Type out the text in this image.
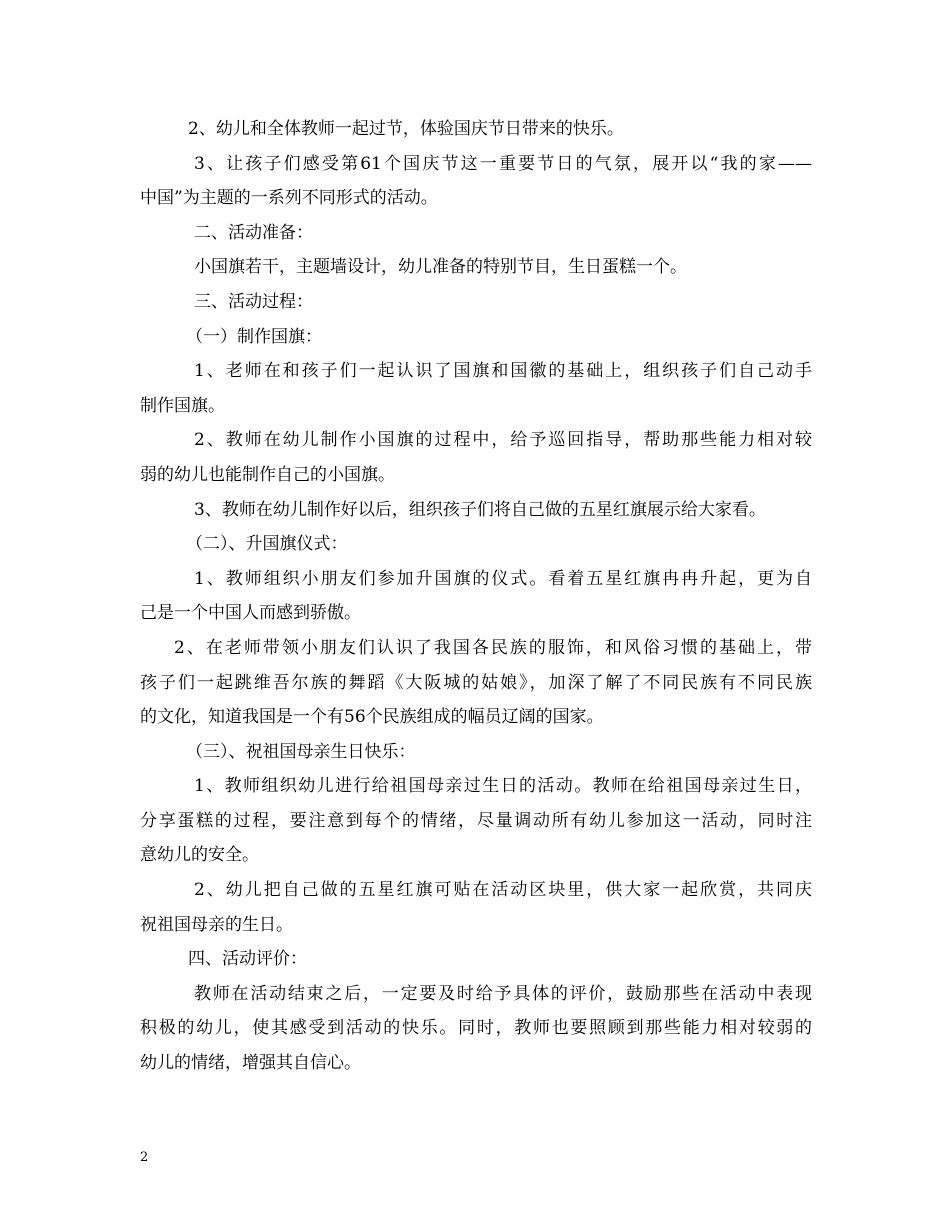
2、幼儿和全体教师一起过节，体验国庆节日带来的快乐。
3、让孩子们感受第61个国庆节这一重要节日的气氛，展开以“我的家——
中国”为主题的一系列不同形式的活动。
二、活动准备：
小国旗若干，主题墙设计，幼儿准备的特别节目，生日蛋糕一个。
三、活动过程：
（一）制作国旗：
1、老师在和孩子们一起认识了国旗和国徽的基础上，组织孩子们自己动手
制作国旗。
2、教师在幼儿制作小国旗的过程中，给予巡回指导，帮助那些能力相对较
弱的幼儿也能制作自己的小国旗。
3、教师在幼儿制作好以后，组织孩子们将自己做的五星红旗展示给大家看。
（二）、升国旗仪式：
1、教师组织小朋友们参加升国旗的仪式。看着五星红旗冉冉升起，更为自
己是一个中国人而感到骄傲。
2、在老师带领小朋友们认识了我国各民族的服饰，和风俗习惯的基础上，带
孩子们一起跳维吾尔族的舞蹈《大阪城的姑娘》，加深了解了不同民族有不同民族
的文化，知道我国是一个有56个民族组成的幅员辽阔的国家。
（三）、祝祖国母亲生日快乐：
1、教师组织幼儿进行给祖国母亲过生日的活动。教师在给祖国母亲过生日，
分享蛋糕的过程，要注意到每个的情绪，尽量调动所有幼儿参加这一活动，同时注
意幼儿的安全。
2、幼儿把自己做的五星红旗可贴在活动区块里，供大家一起欣赏，共同庆
祝祖国母亲的生日。
四、活动评价：
教师在活动结束之后，一定要及时给予具体的评价，鼓励那些在活动中表现
积极的幼儿，使其感受到活动的快乐。同时，教师也要照顾到那些能力相对较弱的
幼儿的情绪，增强其自信心。
2
